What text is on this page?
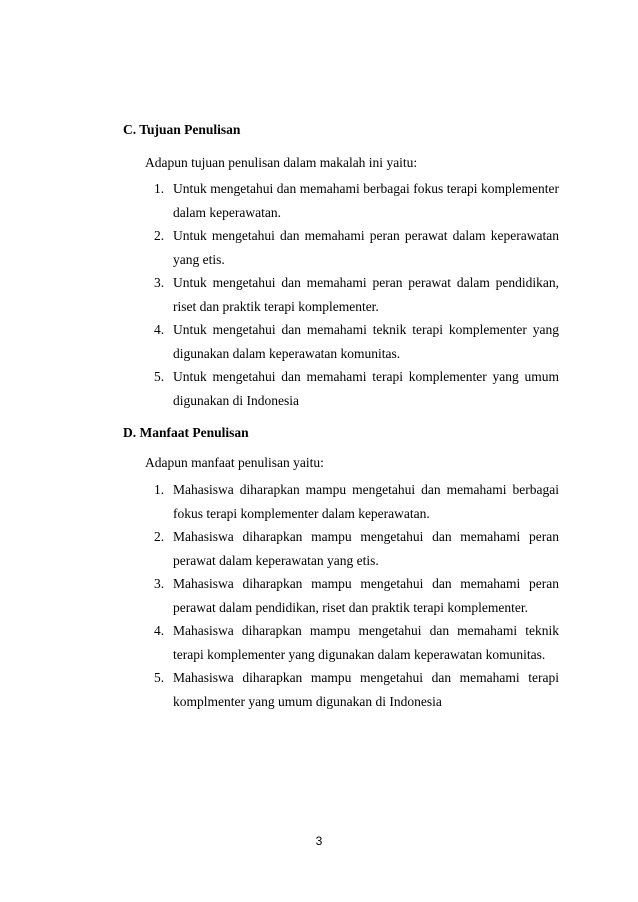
C. Tujuan Penulisan
Adapun tujuan penulisan dalam makalah ini yaitu:
1. Untuk mengetahui dan memahami berbagai fokus terapi komplementer dalam keperawatan.
2. Untuk mengetahui dan memahami peran perawat dalam keperawatan yang etis.
3. Untuk mengetahui dan memahami peran perawat dalam pendidikan, riset dan praktik terapi komplementer.
4. Untuk mengetahui dan memahami teknik terapi komplementer yang digunakan dalam keperawatan komunitas.
5. Untuk mengetahui dan memahami terapi komplementer yang umum digunakan di Indonesia
D. Manfaat Penulisan
Adapun manfaat penulisan yaitu:
1. Mahasiswa diharapkan mampu mengetahui dan memahami berbagai fokus terapi komplementer dalam keperawatan.
2. Mahasiswa diharapkan mampu mengetahui dan memahami peran perawat dalam keperawatan yang etis.
3. Mahasiswa diharapkan mampu mengetahui dan memahami peran perawat dalam pendidikan, riset dan praktik terapi komplementer.
4. Mahasiswa diharapkan mampu mengetahui dan memahami teknik terapi komplementer yang digunakan dalam keperawatan komunitas.
5. Mahasiswa diharapkan mampu mengetahui dan memahami terapi komplmenter yang umum digunakan di Indonesia
3
